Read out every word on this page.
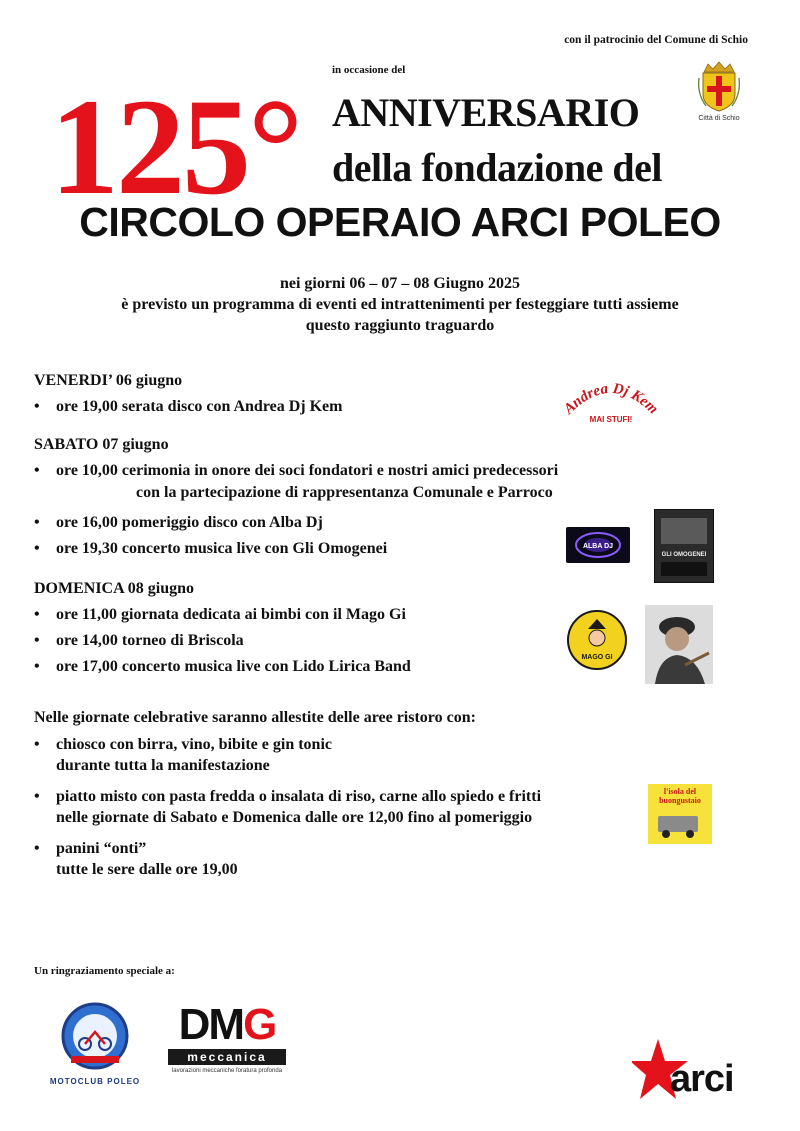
con il patrocinio del Comune di Schio
in occasione del
125° ANNIVERSARIO
della fondazione del
CIRCOLO OPERAIO ARCI POLEO
Città di Schio
nei giorni 06 – 07 – 08 Giugno 2025
è previsto un programma di eventi ed intrattenimenti per festeggiare tutti assieme
questo raggiunto traguardo
VENERDI’ 06 giugno
• ore 19,00 serata disco con Andrea Dj Kem	Andrea Dj Kem
MAI STUFI!
SABATO 07 giugno
• ore 10,00 cerimonia in onore dei soci fondatori e nostri amici predecessori
con la partecipazione di rappresentanza Comunale e Parroco
• ore 16,00 pomeriggio disco con Alba Dj
• ore 19,30 concerto musica live con Gli Omogenei	ALBA DJ
GLI OMOGENEI
DOMENICA 08 giugno
• ore 11,00 giornata dedicata ai bimbi con il Mago Gi
• ore 14,00 torneo di Briscola
• ore 17,00 concerto musica live con Lido Lirica Band
MAGO GI
Nelle giornate celebrative saranno allestite delle aree ristoro con:
• chiosco con birra, vino, bibite e gin tonic
durante tutta la manifestazione
• piatto misto con pasta fredda o insalata di riso, carne allo spiedo e fritti
nelle giornate di Sabato e Domenica dalle ore 12,00 fino al pomeriggio
• panini “onti”
tutte le sere dalle ore 19,00
l'isola del buongustaio
Un ringraziamento speciale a:
MOTOCLUB POLEO
DMG
meccanica
lavorazioni meccaniche foratura profonda	arci
